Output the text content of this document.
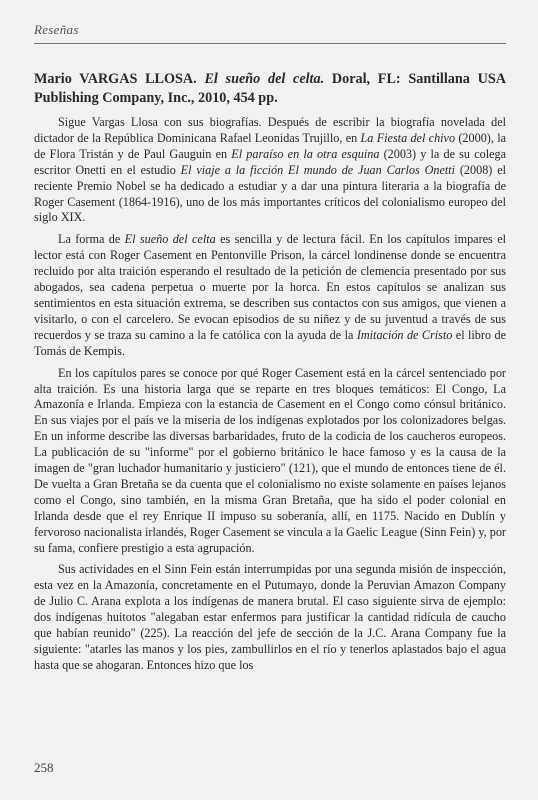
Reseñas
Mario VARGAS LLOSA. El sueño del celta. Doral, FL: Santillana USA Publishing Company, Inc., 2010, 454 pp.

Sigue Vargas Llosa con sus biografías. Después de escribir la biografía novelada del dictador de la República Dominicana Rafael Leonidas Trujillo, en La Fiesta del chivo (2000), la de Flora Tristán y de Paul Gauguin en El paraíso en la otra esquina (2003) y la de su colega escritor Onetti en el estudio El viaje a la ficción El mundo de Juan Carlos Onetti (2008) el reciente Premio Nobel se ha dedicado a estudiar y a dar una pintura literaria a la biografía de Roger Casement (1864-1916), uno de los más importantes críticos del colonialismo europeo del siglo XIX.

La forma de El sueño del celta es sencilla y de lectura fácil. En los capítulos impares el lector está con Roger Casement en Pentonville Prison, la cárcel londinense donde se encuentra recluido por alta traición esperando el resultado de la petición de clemencia presentado por sus abogados, sea cadena perpetua o muerte por la horca. En estos capítulos se analizan sus sentimientos en esta situación extrema, se describen sus contactos con sus amigos, que vienen a visitarlo, o con el carcelero. Se evocan episodios de su niñez y de su juventud a través de sus recuerdos y se traza su camino a la fe católica con la ayuda de la Imitación de Cristo el libro de Tomás de Kempis.

En los capítulos pares se conoce por qué Roger Casement está en la cárcel sentenciado por alta traición. Es una historia larga que se reparte en tres bloques temáticos: El Congo, La Amazonía e Irlanda. Empieza con la estancia de Casement en el Congo como cónsul británico. En sus viajes por el país ve la miseria de los indígenas explotados por los colonizadores belgas. En un informe describe las diversas barbaridades, fruto de la codicia de los caucheros europeos. La publicación de su "informe" por el gobierno británico le hace famoso y es la causa de la imagen de "gran luchador humanitario y justiciero" (121), que el mundo de entonces tiene de él. De vuelta a Gran Bretaña se da cuenta que el colonialismo no existe solamente en países lejanos como el Congo, sino también, en la misma Gran Bretaña, que ha sido el poder colonial en Irlanda desde que el rey Enrique II impuso su soberanía, allí, en 1175. Nacido en Dublín y fervoroso nacionalista irlandés, Roger Casement se vincula a la Gaelic League (Sinn Fein) y, por su fama, confiere prestigio a esta agrupación.

Sus actividades en el Sinn Fein están interrumpidas por una segunda misión de inspección, esta vez en la Amazonía, concretamente en el Putumayo, donde la Peruvian Amazon Company de Julio C. Arana explota a los indígenas de manera brutal. El caso siguiente sirva de ejemplo: dos indígenas huitotos "alegaban estar enfermos para justificar la cantidad ridícula de caucho que habían reunido" (225). La reacción del jefe de sección de la J.C. Arana Company fue la siguiente: "atarles las manos y los pies, zambullirlos en el río y tenerlos aplastados bajo el agua hasta que se ahogaran. Entonces hizo que los

258
